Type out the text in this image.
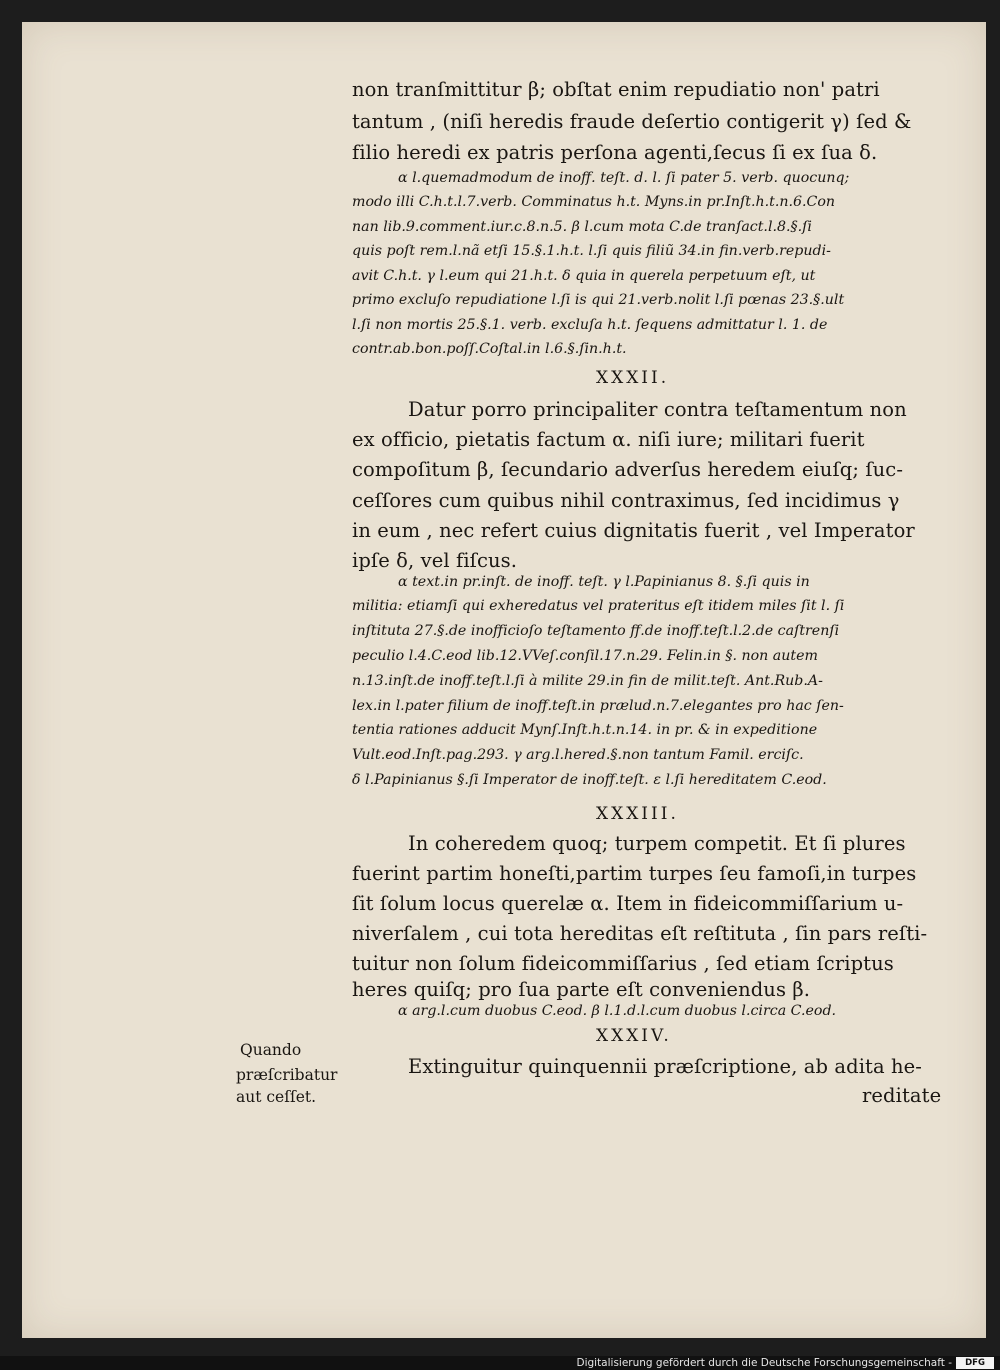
non tranſmittitur β; obſtat enim repudiatio non' patri
tantum , (niſi heredis fraude deſertio contigerit γ) ſed &
filio heredi ex patris perſona agenti,ſecus ſi ex ſua δ.
α l.quemadmodum de inoff. teſt. d. l. ſi pater 5. verb. quocunq;
modo illi C.h.t.l.7.verb. Comminatus h.t. Myns.in pr.Inſt.h.t.n.6.Con
nan lib.9.comment.iur.c.8.n.5. β l.cum mota C.de tranſact.l.8.§.ſi
quis poſt rem.l.nã etſi 15.§.1.h.t. l.ſi quis filiũ 34.in fin.verb.repudi-
avit C.h.t. γ l.eum qui 21.h.t. δ quia in querela perpetuum eſt, ut
primo excluſo repudiatione l.ſi is qui 21.verb.nolit l.ſi pœnas 23.§.ult
l.ſi non mortis 25.§.1. verb. excluſa h.t. ſequens admittatur l. 1. de
contr.ab.bon.poſſ.Coſtal.in l.6.§.ſin.h.t.
XXXII.
Datur porro principaliter contra teſtamentum non
ex officio, pietatis factum α. niſi iure; militari fuerit
compoſitum β, ſecundario adverſus heredem eiuſq; ſuc-
ceſſores cum quibus nihil contraximus, ſed incidimus γ
in eum , nec refert cuius dignitatis fuerit , vel Imperator
ipſe δ, vel fiſcus.
α text.in pr.inſt. de inoff. teſt. γ l.Papinianus 8. §.ſi quis in
militia: etiamſi qui exheredatus vel prateritus eſt itidem miles ſit l. ſi
inſtituta 27.§.de inofficioſo teſtamento ff.de inoff.teſt.l.2.de caſtrenſi
peculio l.4.C.eod lib.12.VVeſ.conſil.17.n.29. Felin.in §. non autem
n.13.inſt.de inoff.teſt.l.ſi à milite 29.in fin de milit.teſt. Ant.Rub.A-
lex.in l.pater filium de inoff.teſt.in prælud.n.7.elegantes pro hac ſen-
tentia rationes adducit Mynſ.Inſt.h.t.n.14. in pr. & in expeditione
Vult.eod.Inſt.pag.293. γ arg.l.hered.§.non tantum Famil. erciſc.
δ l.Papinianus §.ſi Imperator de inoff.teſt. ε l.ſi hereditatem C.eod.
XXXIII.
In coheredem quoq; turpem competit. Et ſi plures
fuerint partim honeſti,partim turpes ſeu famoſi,in turpes
ſit ſolum locus querelæ α. Item in fideicommiſſarium u-
niverſalem , cui tota hereditas eſt reſtituta , ſin pars reſti-
tuitur non ſolum fideicommiſſarius , ſed etiam ſcriptus
heres quiſq; pro ſua parte eſt conveniendus β.
α arg.l.cum duobus C.eod. β l.1.d.l.cum duobus l.circa C.eod.
XXXIV.
Extinguitur quinquennii præſcriptione, ab adita he-
reditate
Quando
præſcribatur
aut ceſſet.
Digitalisierung gefördert durch die Deutsche Forschungsgemeinschaft -	DFG
